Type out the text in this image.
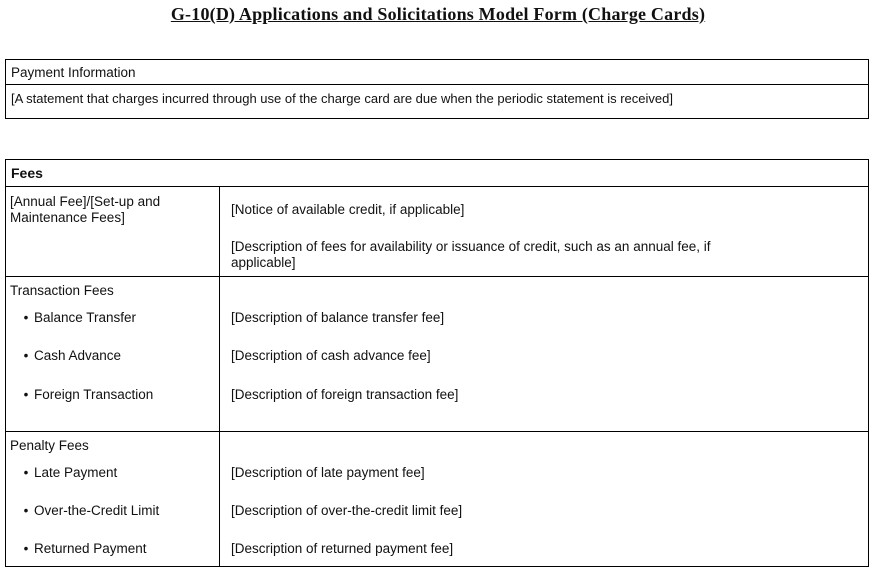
G-10(D) Applications and Solicitations Model Form (Charge Cards)
Payment Information
[A statement that charges incurred through use of the charge card are due when the periodic statement is received]
Fees
[Annual Fee]/[Set-up and
Maintenance Fees]
[Notice of available credit, if applicable]
[Description of fees for availability or issuance of credit, such as an annual fee, if
applicable]
Transaction Fees
• Balance Transfer
• Cash Advance
• Foreign Transaction
[Description of balance transfer fee]
[Description of cash advance fee]
[Description of foreign transaction fee]
Penalty Fees
• Late Payment
• Over-the-Credit Limit
• Returned Payment
[Description of late payment fee]
[Description of over-the-credit limit fee]
[Description of returned payment fee]
